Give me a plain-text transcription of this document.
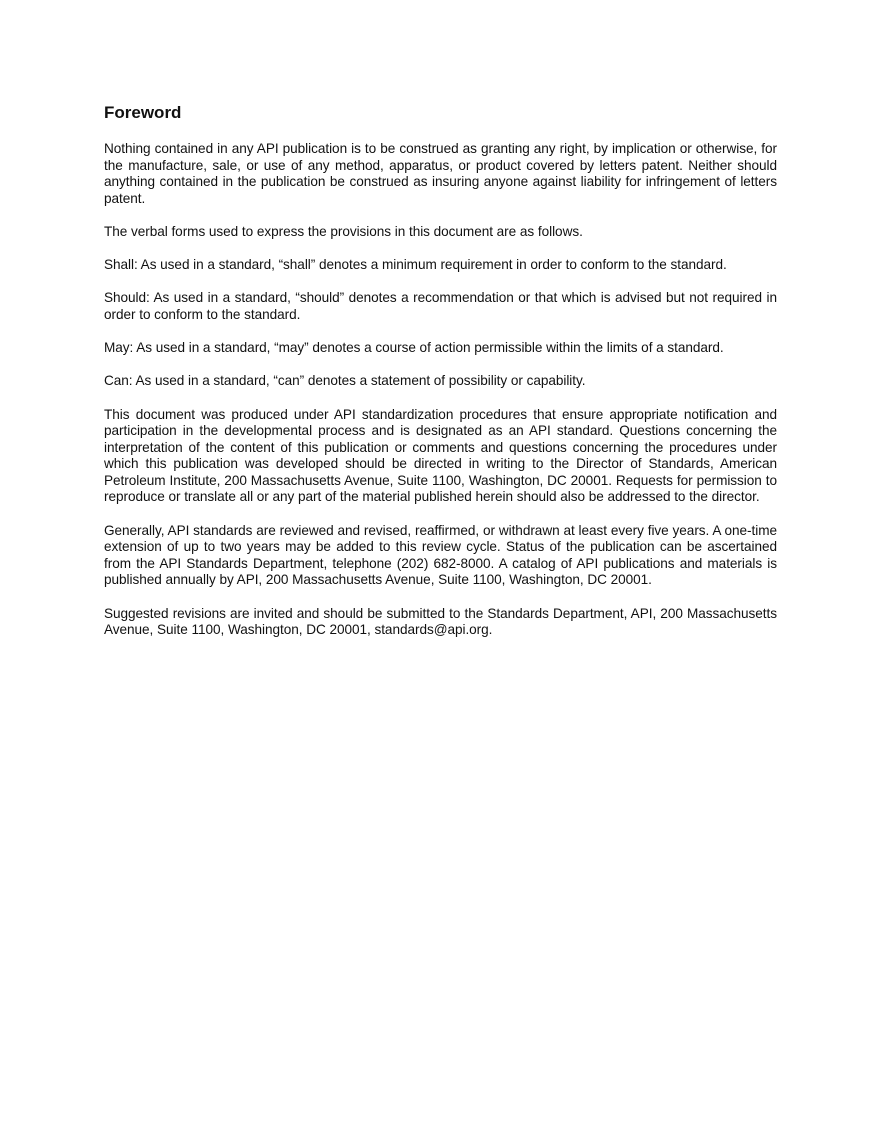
Foreword

Nothing contained in any API publication is to be construed as granting any right, by implication or otherwise, for the manufacture, sale, or use of any method, apparatus, or product covered by letters patent. Neither should anything contained in the publication be construed as insuring anyone against liability for infringement of letters patent.

The verbal forms used to express the provisions in this document are as follows.

Shall: As used in a standard, “shall” denotes a minimum requirement in order to conform to the standard.

Should: As used in a standard, “should” denotes a recommendation or that which is advised but not required in order to conform to the standard.

May: As used in a standard, “may” denotes a course of action permissible within the limits of a standard.

Can: As used in a standard, “can” denotes a statement of possibility or capability.

This document was produced under API standardization procedures that ensure appropriate notification and participation in the developmental process and is designated as an API standard. Questions concerning the interpretation of the content of this publication or comments and questions concerning the procedures under which this publication was developed should be directed in writing to the Director of Standards, American Petroleum Institute, 200 Massachusetts Avenue, Suite 1100, Washington, DC 20001. Requests for permission to reproduce or translate all or any part of the material published herein should also be addressed to the director.

Generally, API standards are reviewed and revised, reaffirmed, or withdrawn at least every five years. A one-time extension of up to two years may be added to this review cycle. Status of the publication can be ascertained from the API Standards Department, telephone (202) 682-8000. A catalog of API publications and materials is published annually by API, 200 Massachusetts Avenue, Suite 1100, Washington, DC 20001.

Suggested revisions are invited and should be submitted to the Standards Department, API, 200 Massachusetts Avenue, Suite 1100, Washington, DC 20001, standards@api.org.
